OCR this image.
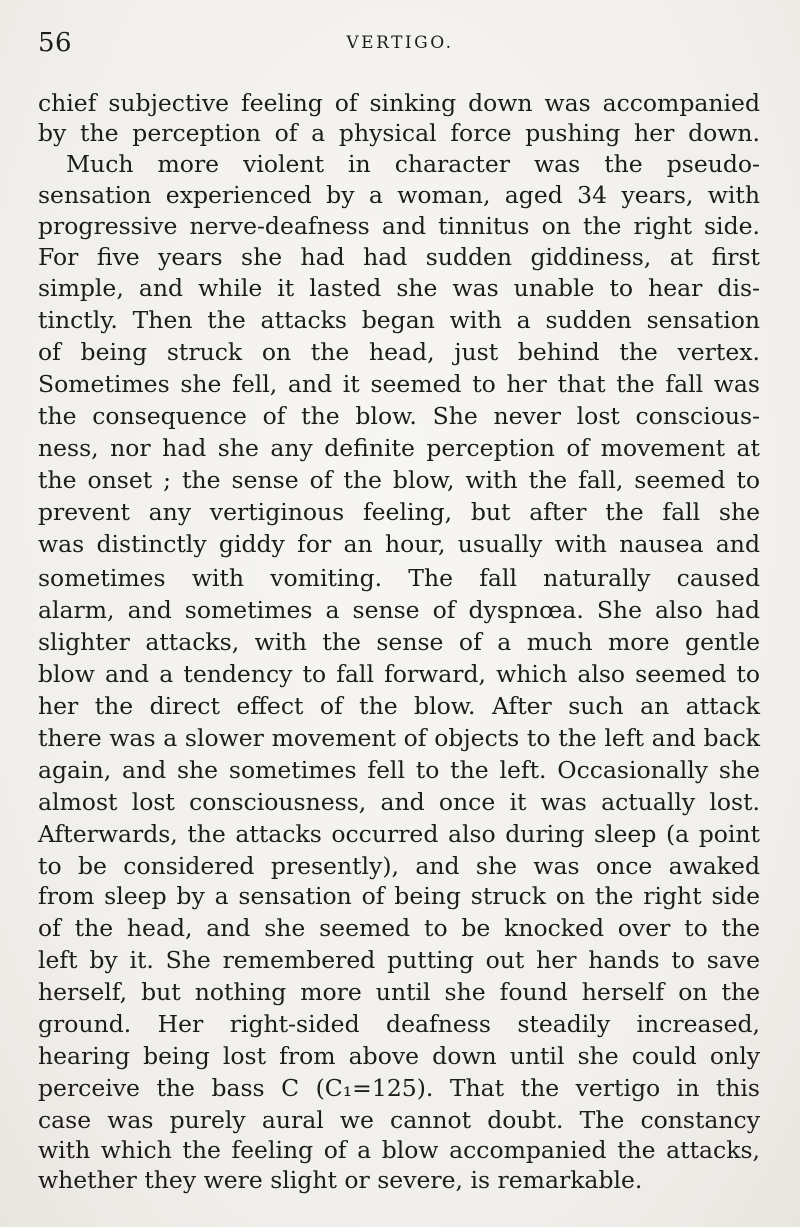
56	VERTIGO.
chief subjective feeling of sinking down was accompanied
by the perception of a physical force pushing her down.
Much more violent in character was the pseudo-
sensation experienced by a woman, aged 34 years, with
progressive nerve-deafness and tinnitus on the right side.
For five years she had had sudden giddiness, at first
simple, and while it lasted she was unable to hear dis-
tinctly. Then the attacks began with a sudden sensation
of being struck on the head, just behind the vertex.
Sometimes she fell, and it seemed to her that the fall was
the consequence of the blow. She never lost conscious-
ness, nor had she any definite perception of movement at
the onset ; the sense of the blow, with the fall, seemed to
prevent any vertiginous feeling, but after the fall she
was distinctly giddy for an hour, usually with nausea and
sometimes with vomiting. The fall naturally caused
alarm, and sometimes a sense of dyspnœa. She also had
slighter attacks, with the sense of a much more gentle
blow and a tendency to fall forward, which also seemed to
her the direct effect of the blow. After such an attack
there was a slower movement of objects to the left and back
again, and she sometimes fell to the left. Occasionally she
almost lost consciousness, and once it was actually lost.
Afterwards, the attacks occurred also during sleep (a point
to be considered presently), and she was once awaked
from sleep by a sensation of being struck on the right side
of the head, and she seemed to be knocked over to the
left by it. She remembered putting out her hands to save
herself, but nothing more until she found herself on the
ground. Her right-sided deafness steadily increased,
hearing being lost from above down until she could only
perceive the bass C (C₁=125). That the vertigo in this
case was purely aural we cannot doubt. The constancy
with which the feeling of a blow accompanied the attacks,
whether they were slight or severe, is remarkable.
